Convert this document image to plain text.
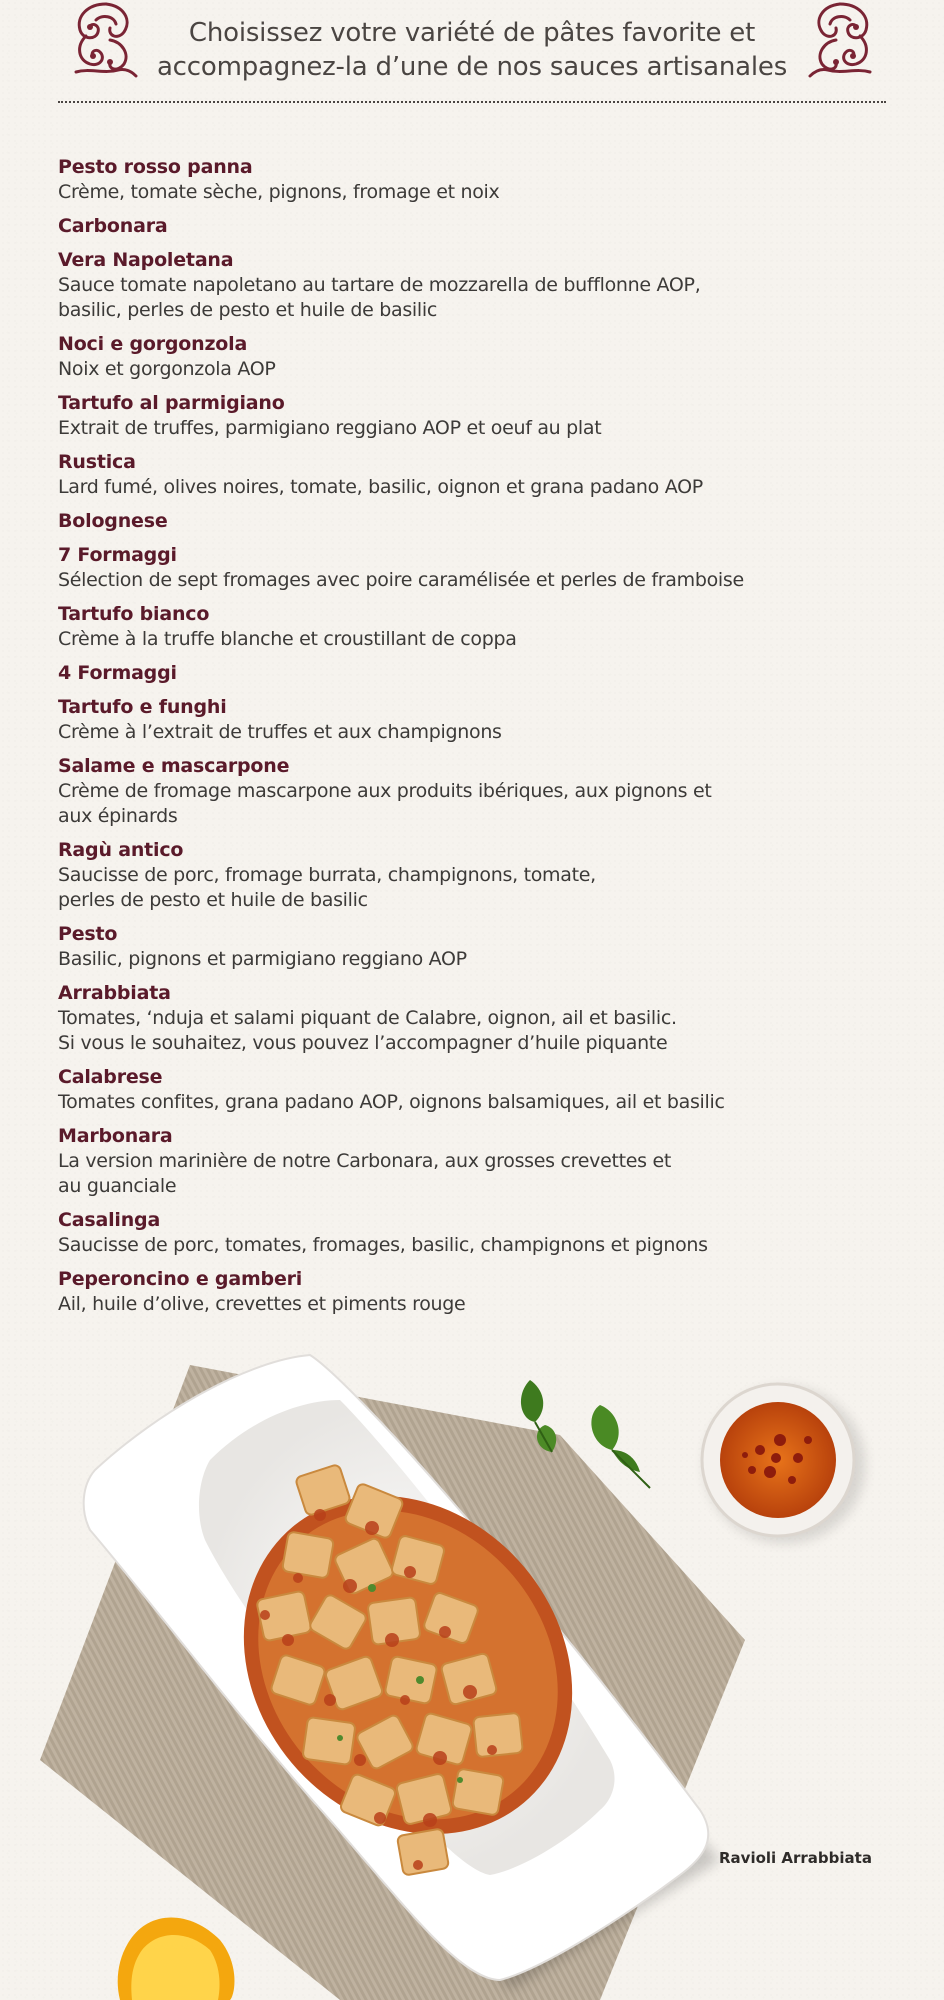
Choisissez votre variété de pâtes favorite et
accompagnez-la d’une de nos sauces artisanales
Pesto rosso panna
Crème, tomate sèche, pignons, fromage et noix
Carbonara
Vera Napoletana
Sauce tomate napoletano au tartare de mozzarella de bufflonne AOP,
basilic, perles de pesto et huile de basilic
Noci e gorgonzola
Noix et gorgonzola AOP
Tartufo al parmigiano
Extrait de truffes, parmigiano reggiano AOP et oeuf au plat
Rustica
Lard fumé, olives noires, tomate, basilic, oignon et grana padano AOP
Bolognese
7 Formaggi
Sélection de sept fromages avec poire caramélisée et perles de framboise
Tartufo bianco
Crème à la truffe blanche et croustillant de coppa
4 Formaggi
Tartufo e funghi
Crème à l’extrait de truffes et aux champignons
Salame e mascarpone
Crème de fromage mascarpone aux produits ibériques, aux pignons et
aux épinards
Ragù antico
Saucisse de porc, fromage burrata, champignons, tomate,
perles de pesto et huile de basilic
Pesto
Basilic, pignons et parmigiano reggiano AOP
Arrabbiata
Tomates, ‘nduja et salami piquant de Calabre, oignon, ail et basilic.
Si vous le souhaitez, vous pouvez l’accompagner d’huile piquante
Calabrese
Tomates confites, grana padano AOP, oignons balsamiques, ail et basilic
Marbonara
La version marinière de notre Carbonara, aux grosses crevettes et
au guanciale
Casalinga
Saucisse de porc, tomates, fromages, basilic, champignons et pignons
Peperoncino e gamberi
Ail, huile d’olive, crevettes et piments rouge
Ravioli Arrabbiata
